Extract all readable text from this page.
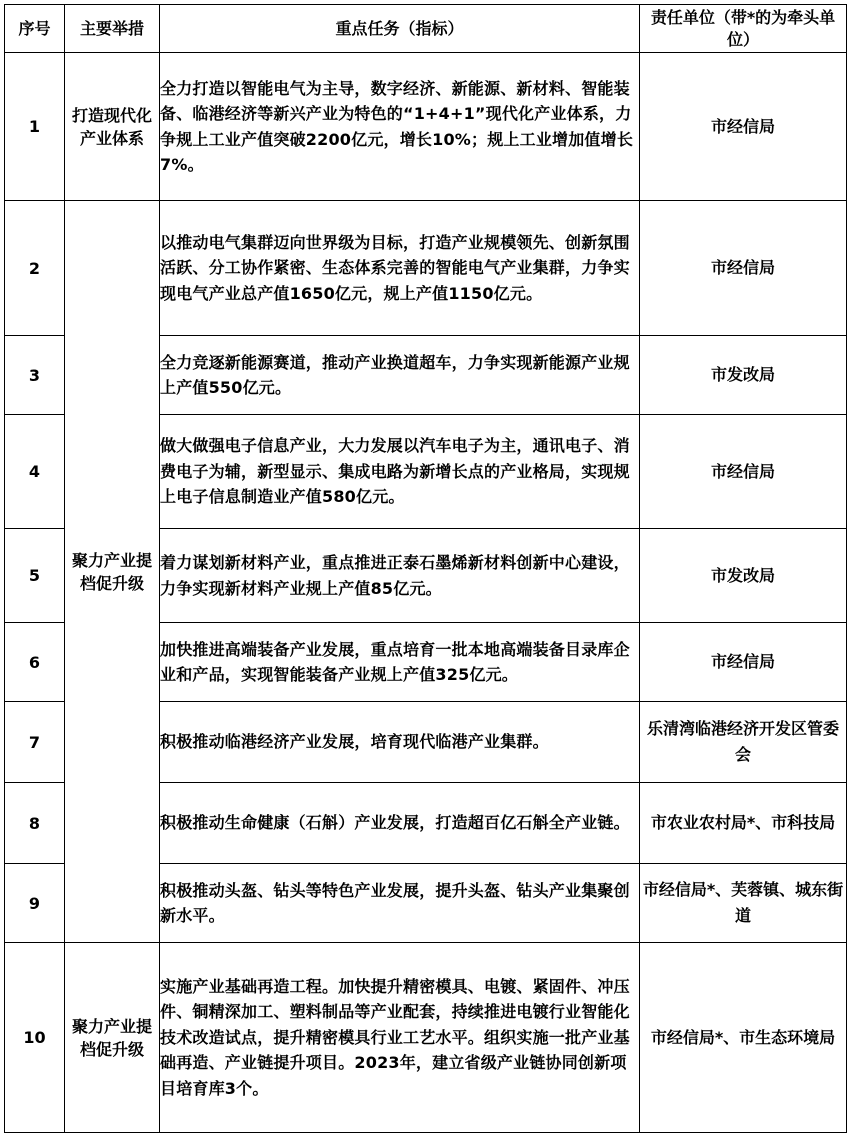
序号	主要举措	重点任务（指标）	责任单位（带*的为牵头单位）
1	打造现代化产业体系	全力打造以智能电气为主导，数字经济、新能源、新材料、智能装备、临港经济等新兴产业为特色的“1+4+1”现代化产业体系，力争规上工业产值突破2200亿元，增长10%；规上工业增加值增长7%。	市经信局
2	聚力产业提档促升级	以推动电气集群迈向世界级为目标，打造产业规模领先、创新氛围活跃、分工协作紧密、生态体系完善的智能电气产业集群，力争实现电气产业总产值1650亿元，规上产值1150亿元。	市经信局
3		全力竞逐新能源赛道，推动产业换道超车，力争实现新能源产业规上产值550亿元。	市发改局
4		做大做强电子信息产业，大力发展以汽车电子为主，通讯电子、消费电子为辅，新型显示、集成电路为新增长点的产业格局，实现规上电子信息制造业产值580亿元。	市经信局
5		着力谋划新材料产业，重点推进正泰石墨烯新材料创新中心建设，力争实现新材料产业规上产值85亿元。	市发改局
6		加快推进高端装备产业发展，重点培育一批本地高端装备目录库企业和产品，实现智能装备产业规上产值325亿元。	市经信局
7		积极推动临港经济产业发展，培育现代临港产业集群。	乐清湾临港经济开发区管委会
8		积极推动生命健康（石斛）产业发展，打造超百亿石斛全产业链。	市农业农村局*、市科技局
9		积极推动头盔、钻头等特色产业发展，提升头盔、钻头产业集聚创新水平。	市经信局*、芙蓉镇、城东街道
10	聚力产业提档促升级	实施产业基础再造工程。加快提升精密模具、电镀、紧固件、冲压件、铜精深加工、塑料制品等产业配套，持续推进电镀行业智能化技术改造试点，提升精密模具行业工艺水平。组织实施一批产业基础再造、产业链提升项目。2023年，建立省级产业链协同创新项目培育库3个。	市经信局*、市生态环境局
